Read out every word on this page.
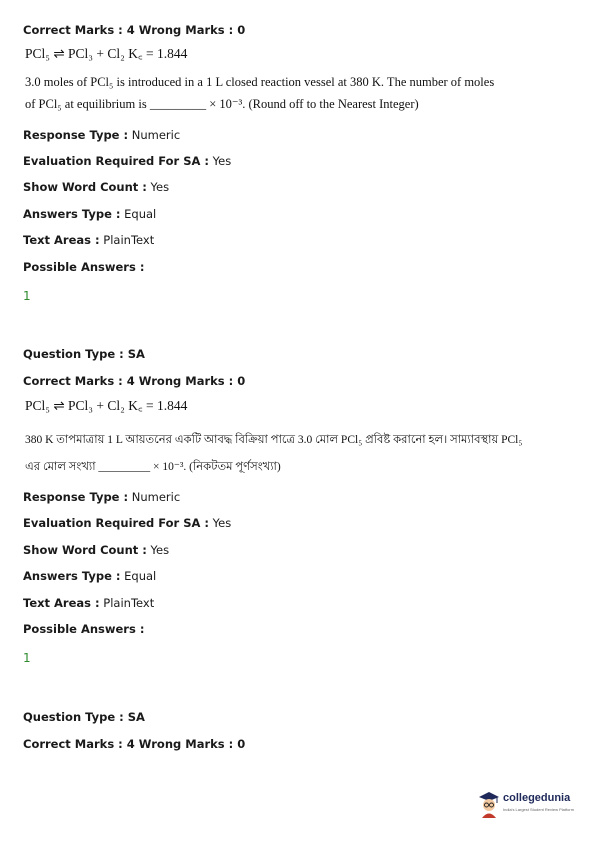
Correct Marks : 4 Wrong Marks : 0
PCl₅ ⇌ PCl₃ + Cl₂ K꜀ = 1.844
3.0 moles of PCl₅ is introduced in a 1 L closed reaction vessel at 380 K. The number of moles
of PCl₅ at equilibrium is _________ × 10⁻³. (Round off to the Nearest Integer)
Response Type : Numeric
Evaluation Required For SA : Yes
Show Word Count : Yes
Answers Type : Equal
Text Areas : PlainText
Possible Answers :
1
Question Type : SA
Correct Marks : 4 Wrong Marks : 0
PCl₅ ⇌ PCl₃ + Cl₂ K꜀ = 1.844
380 K তাপমাত্রায় 1 L আয়তনের একটি আবদ্ধ বিক্রিয়া পাত্রে 3.0 মোল PCl₅ প্রবিষ্ট করানো হল। সাম্যাবস্থায় PCl₅
এর মোল সংখ্যা _________ × 10⁻³. (নিকটতম পূর্ণসংখ্যা)
Response Type : Numeric
Evaluation Required For SA : Yes
Show Word Count : Yes
Answers Type : Equal
Text Areas : PlainText
Possible Answers :
1
Question Type : SA
Correct Marks : 4 Wrong Marks : 0
collegedunia
India's Largest Student Review Platform
